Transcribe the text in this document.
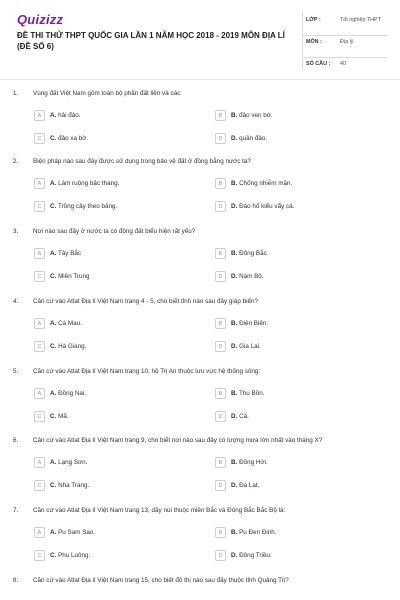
Quizizz
ĐỀ THI THỬ THPT QUỐC GIA LẦN 1 NĂM HỌC 2018 - 2019 MÔN ĐỊA LÍ (ĐỀ SỐ 6)
LỚP :	Tốt nghiệp THPT
MÔN :	Địa lý
SỐ CÂU : 40
1. Vùng đất Việt Nam gồm toàn bộ phần đất liền và các:
A	A. hải đảo.	B	B. đảo ven bờ.
C	C. đảo xa bờ.	D	D. quần đảo.
2. Biện pháp nào sau đây được sử dụng trong bảo vệ đất ở đồng bằng nước ta?
A	A. Làm ruộng bậc thang.	B	B. Chống nhiễm mặn.
C	C. Trồng cây theo băng.	D	D. Đào hố kiểu vẩy cá.
3. Nơi nào sau đây ở nước ta có động đất biểu hiện rất yếu?
A	A. Tây Bắc	B	B. Đông Bắc
C	C. Miền Trung	D	D. Nam Bộ.
4. Căn cứ vào Atlat Địa lí Việt Nam trang 4 - 5, cho biết tỉnh nào sau đây giáp biển?
A	A. Cà Mau.	B	B. Điện Biên.
C	C. Hà Giang.	D	D. Gia Lai.
5. Căn cứ vào Atlat Địa lí Việt Nam trang 10, hồ Trị An thuộc lưu vực hệ thống sông:
A	A. Đồng Nai.	B	B. Thu Bồn.
C	C. Mã.	D	D. Cả.
6. Căn cứ vào Atlat Địa lí Việt Nam trang 9, cho biết nơi nào sau đây có lượng mưa lớn nhất vào tháng X?
A	A. Lạng Sơn.	B	B. Đồng Hới.
C	C. Nha Trang.	D	D. Đà Lạt.
7. Căn cứ vào Atlat Địa lí Việt Nam trang 13, dãy núi thuộc miền Bắc và Đông Bắc Bắc Bộ là:
A	A. Pu Sam Sao.	B	B. Pu Đen Đinh.
C	C. Phu Luông.	D	D. Đông Triều.
8. Căn cứ vào Atlat Địa lí Việt Nam trang 15, cho biết đô thị nào sau đây thuộc tỉnh Quảng Trị?
